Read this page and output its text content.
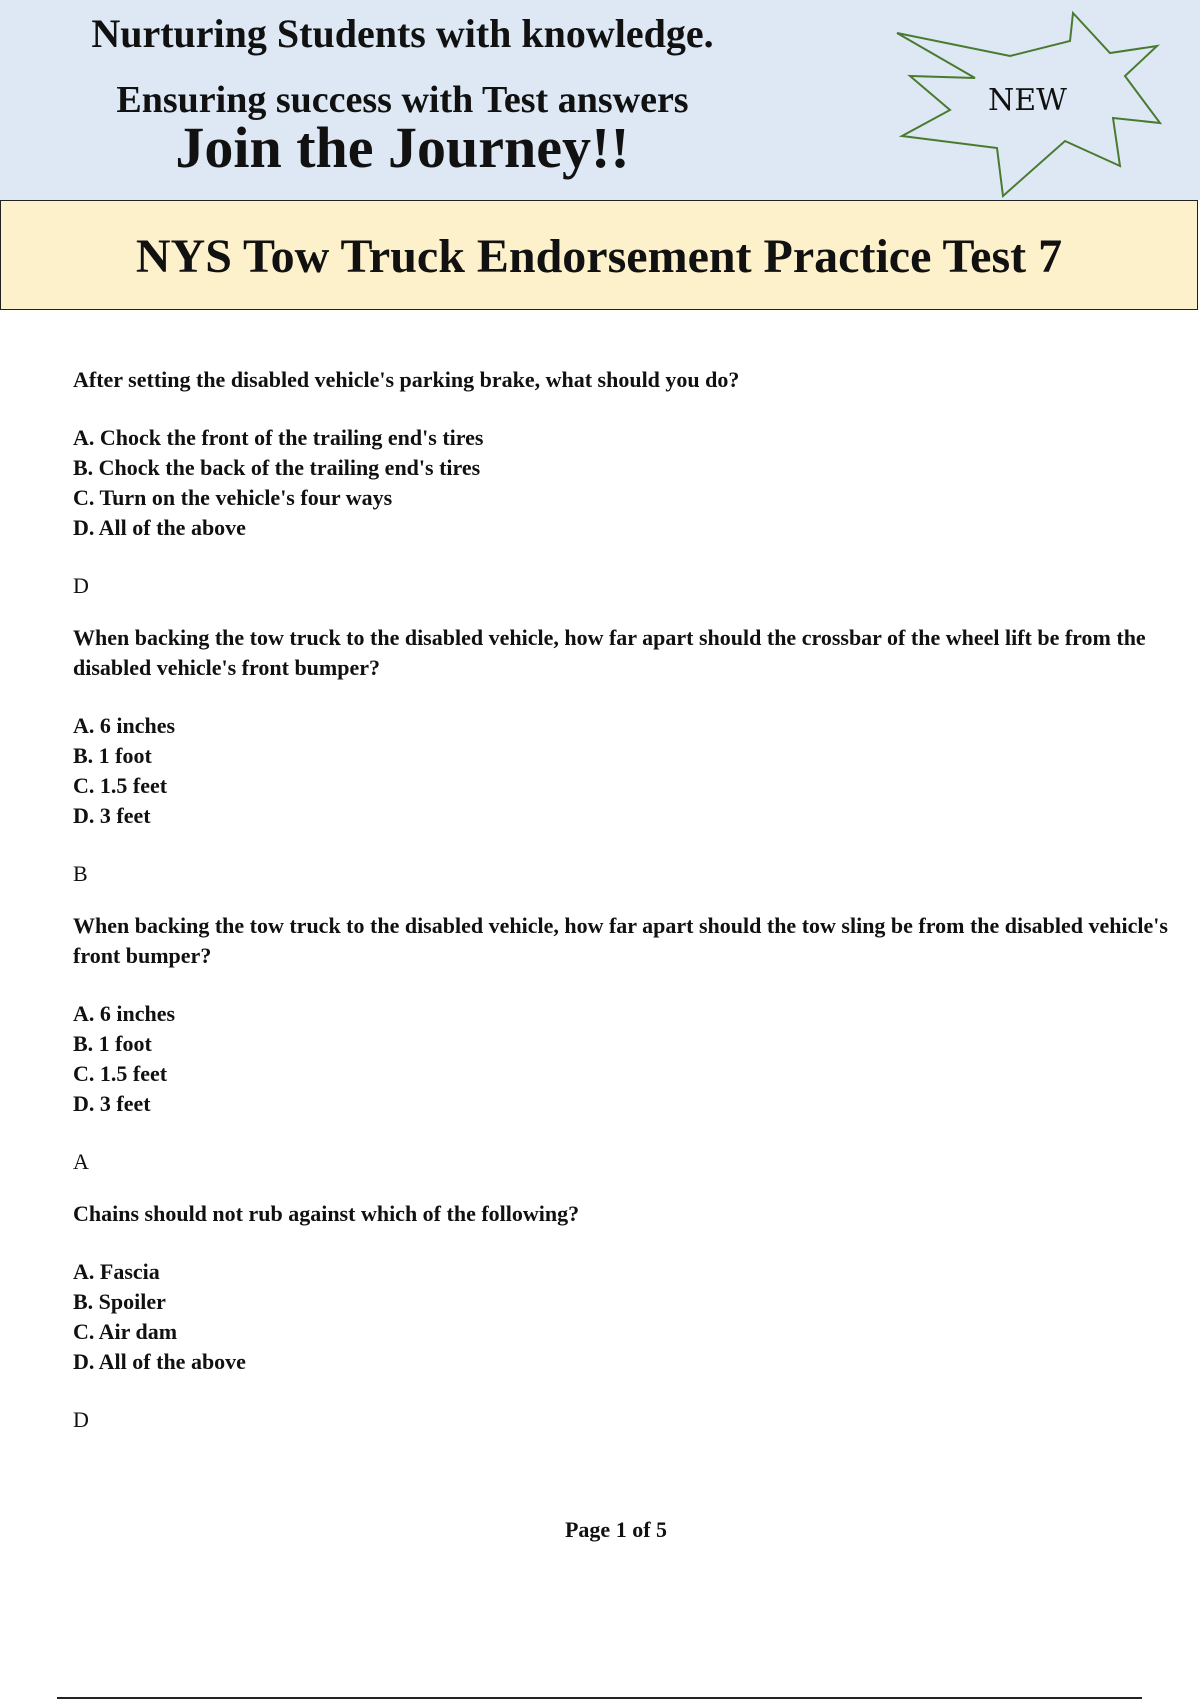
Nurturing Students with knowledge.
Ensuring success with Test answers
Join the Journey!!
NEW
NYS Tow Truck Endorsement Practice Test 7
After setting the disabled vehicle's parking brake, what should you do?
A. Chock the front of the trailing end's tires
B. Chock the back of the trailing end's tires
C. Turn on the vehicle's four ways
D. All of the above
D
When backing the tow truck to the disabled vehicle, how far apart should the crossbar of the wheel lift be from the disabled vehicle's front bumper?
A. 6 inches
B. 1 foot
C. 1.5 feet
D. 3 feet
B
When backing the tow truck to the disabled vehicle, how far apart should the tow sling be from the disabled vehicle's front bumper?
A. 6 inches
B. 1 foot
C. 1.5 feet
D. 3 feet
A
Chains should not rub against which of the following?
A. Fascia
B. Spoiler
C. Air dam
D. All of the above
D
Page 1 of 5
